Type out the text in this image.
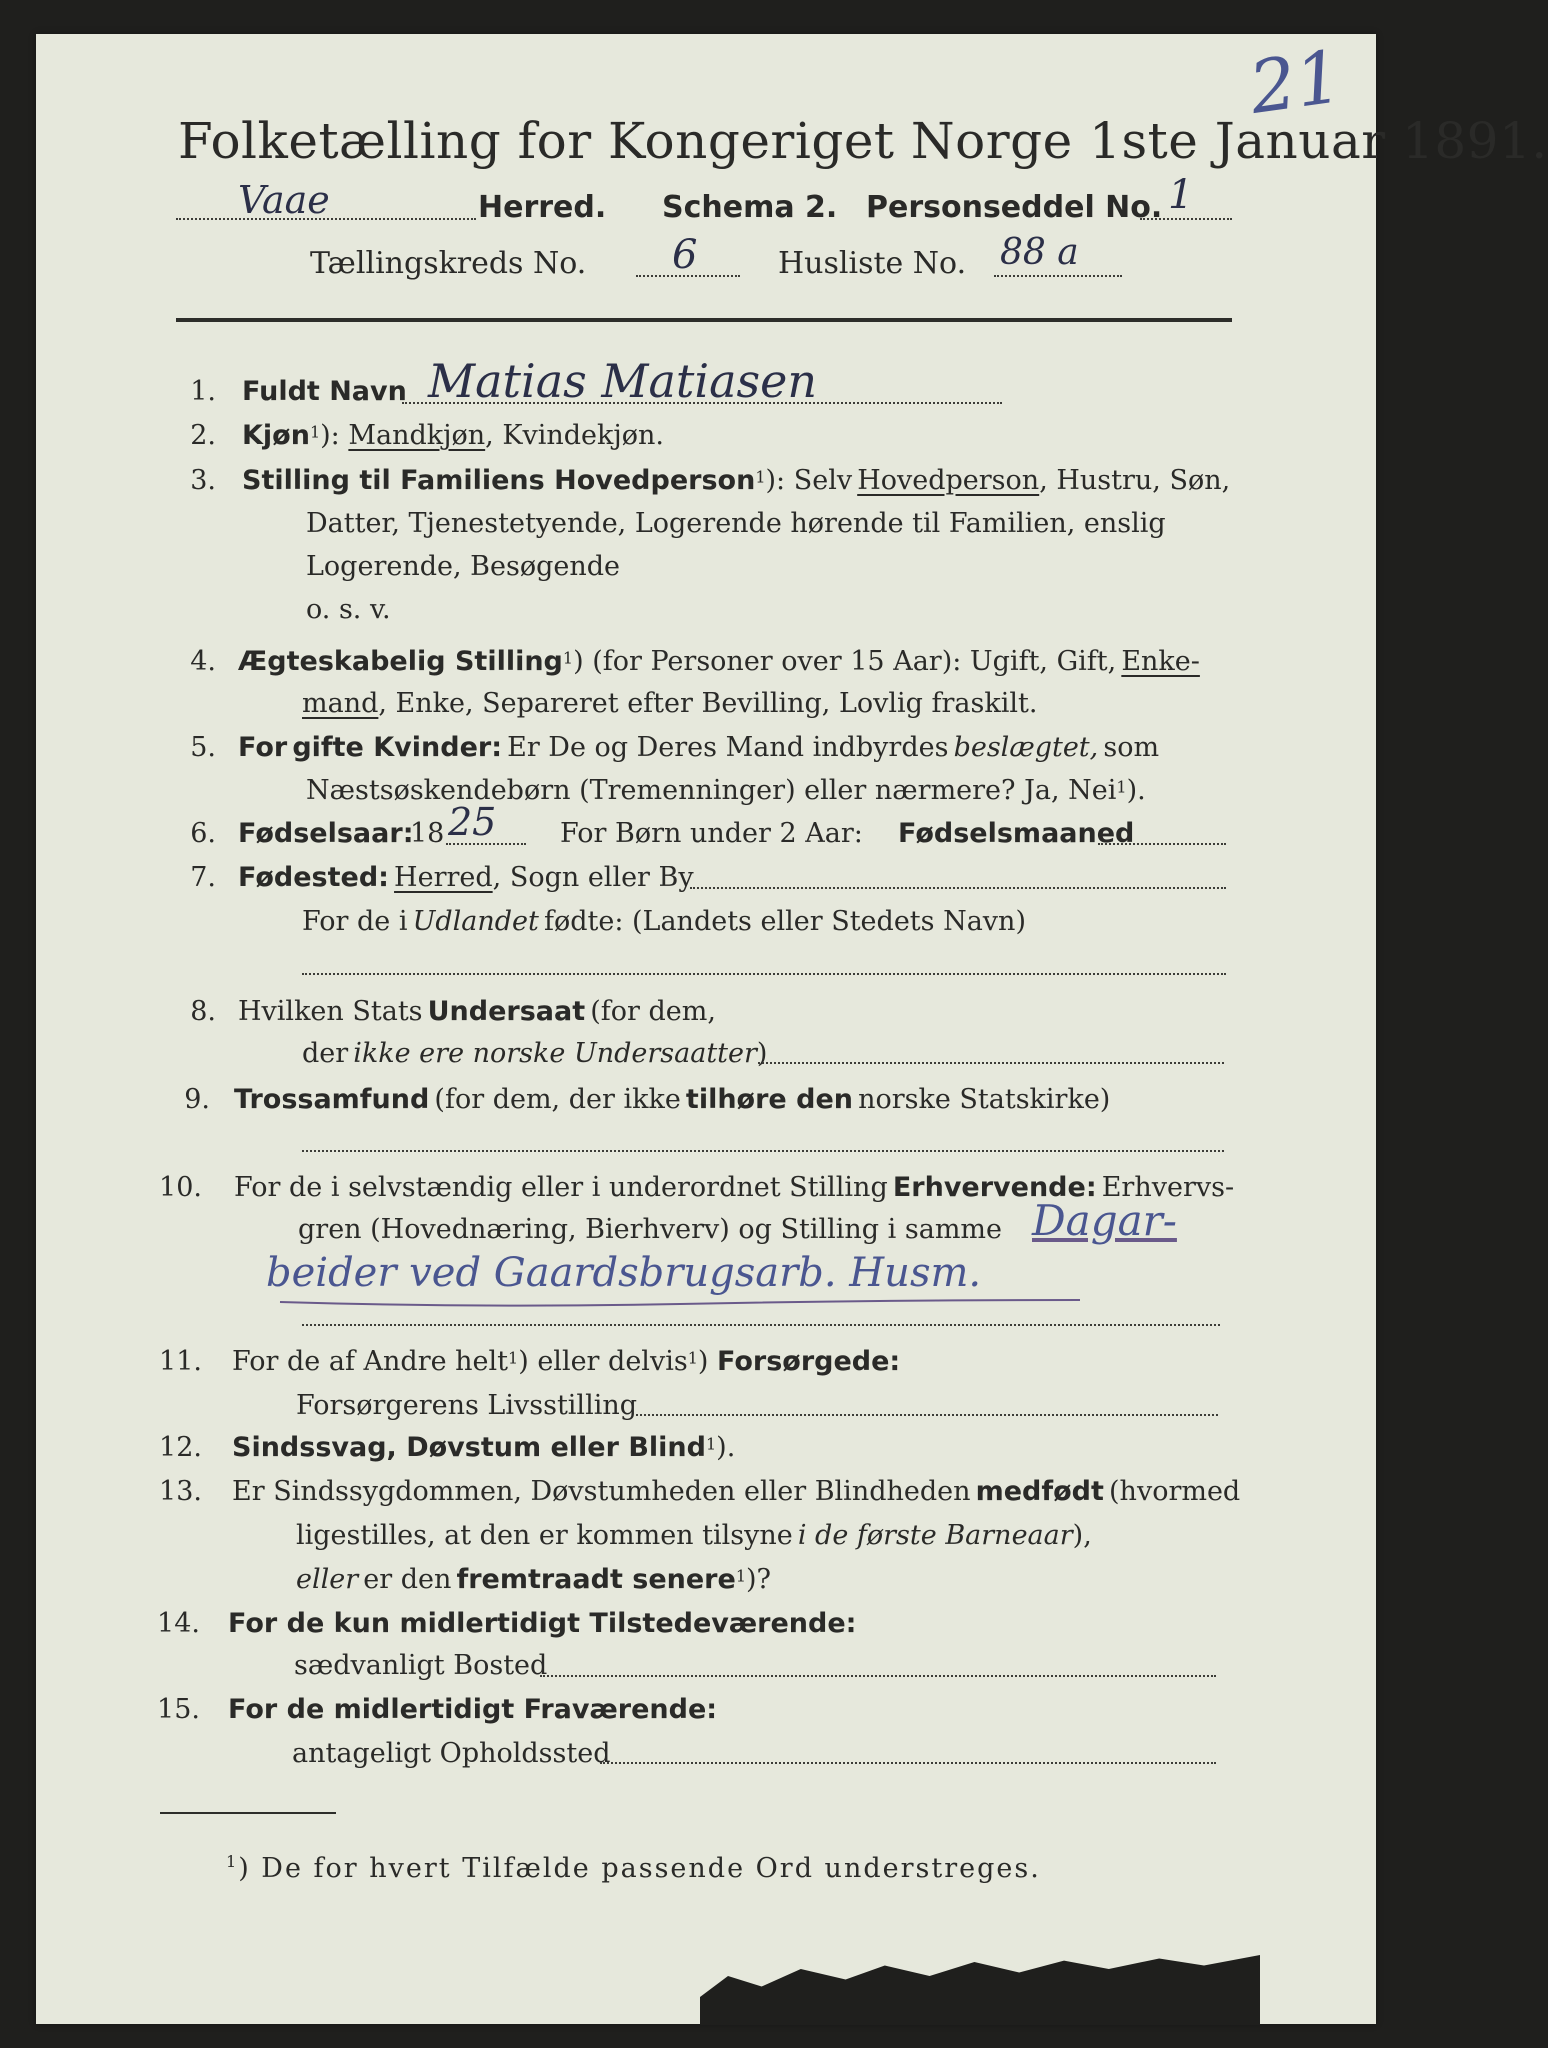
21
Folketælling for Kongeriget Norge 1ste Januar 1891.
Vaae	Herred. Schema 2. Personseddel No. 1
Tællingskreds No. 6	Husliste No. 88 a
1. Fuldt Navn Matias Matiasen
2. Kjøn$^1$): Mandkjøn, Kvindekjøn.
3. Stilling til Familiens Hovedperson$^1$): Selv Hovedperson, Hustru, Søn,
Datter, Tjenestetyende, Logerende hørende til Familien, enslig
Logerende, Besøgende
o. s. v.
4. Ægteskabelig Stilling$^1$) (for Personer over 15 Aar): Ugift, Gift, Enke-
mand, Enke, Separeret efter Bevilling, Lovlig fraskilt.
5. For gifte Kvinder: Er De og Deres Mand indbyrdes beslægtet, som
Næstsøskendebørn (Tremenninger) eller nærmere? Ja, Nei$^1$).
6. Fødselsaar:
18 25 For Børn under 2 Aar: Fødselsmaaned
7. Fødested: Herred, Sogn eller By
For de i Udlandet fødte: (Landets eller Stedets Navn)
8. Hvilken Stats Undersaat (for dem,
der ikke ere norske Undersaatter)
9. Trossamfund (for dem, der ikke tilhøre den norske Statskirke)
10. For de i selvstændig eller i underordnet Stilling Erhvervende: Erhvervs-
gren (Hovednæring, Bierhverv) og Stilling i samme Dagar-
beider ved Gaardsbrugsarb. Husm.
11. For de af Andre helt$^1$) eller delvis$^1$) Forsørgede:
Forsørgerens Livsstilling
12. Sindssvag, Døvstum eller Blind$^1$).
13. Er Sindssygdommen, Døvstumheden eller Blindheden medfødt (hvormed
ligestilles, at den er kommen tilsyne i de første Barneaar),
eller er den fremtraadt senere$^1$)?
14. For de kun midlertidigt Tilstedeværende:
sædvanligt Bosted
15. For de midlertidigt Fraværende:
antageligt Opholdssted
$^1$) De for hvert Tilfælde passende Ord understreges.
